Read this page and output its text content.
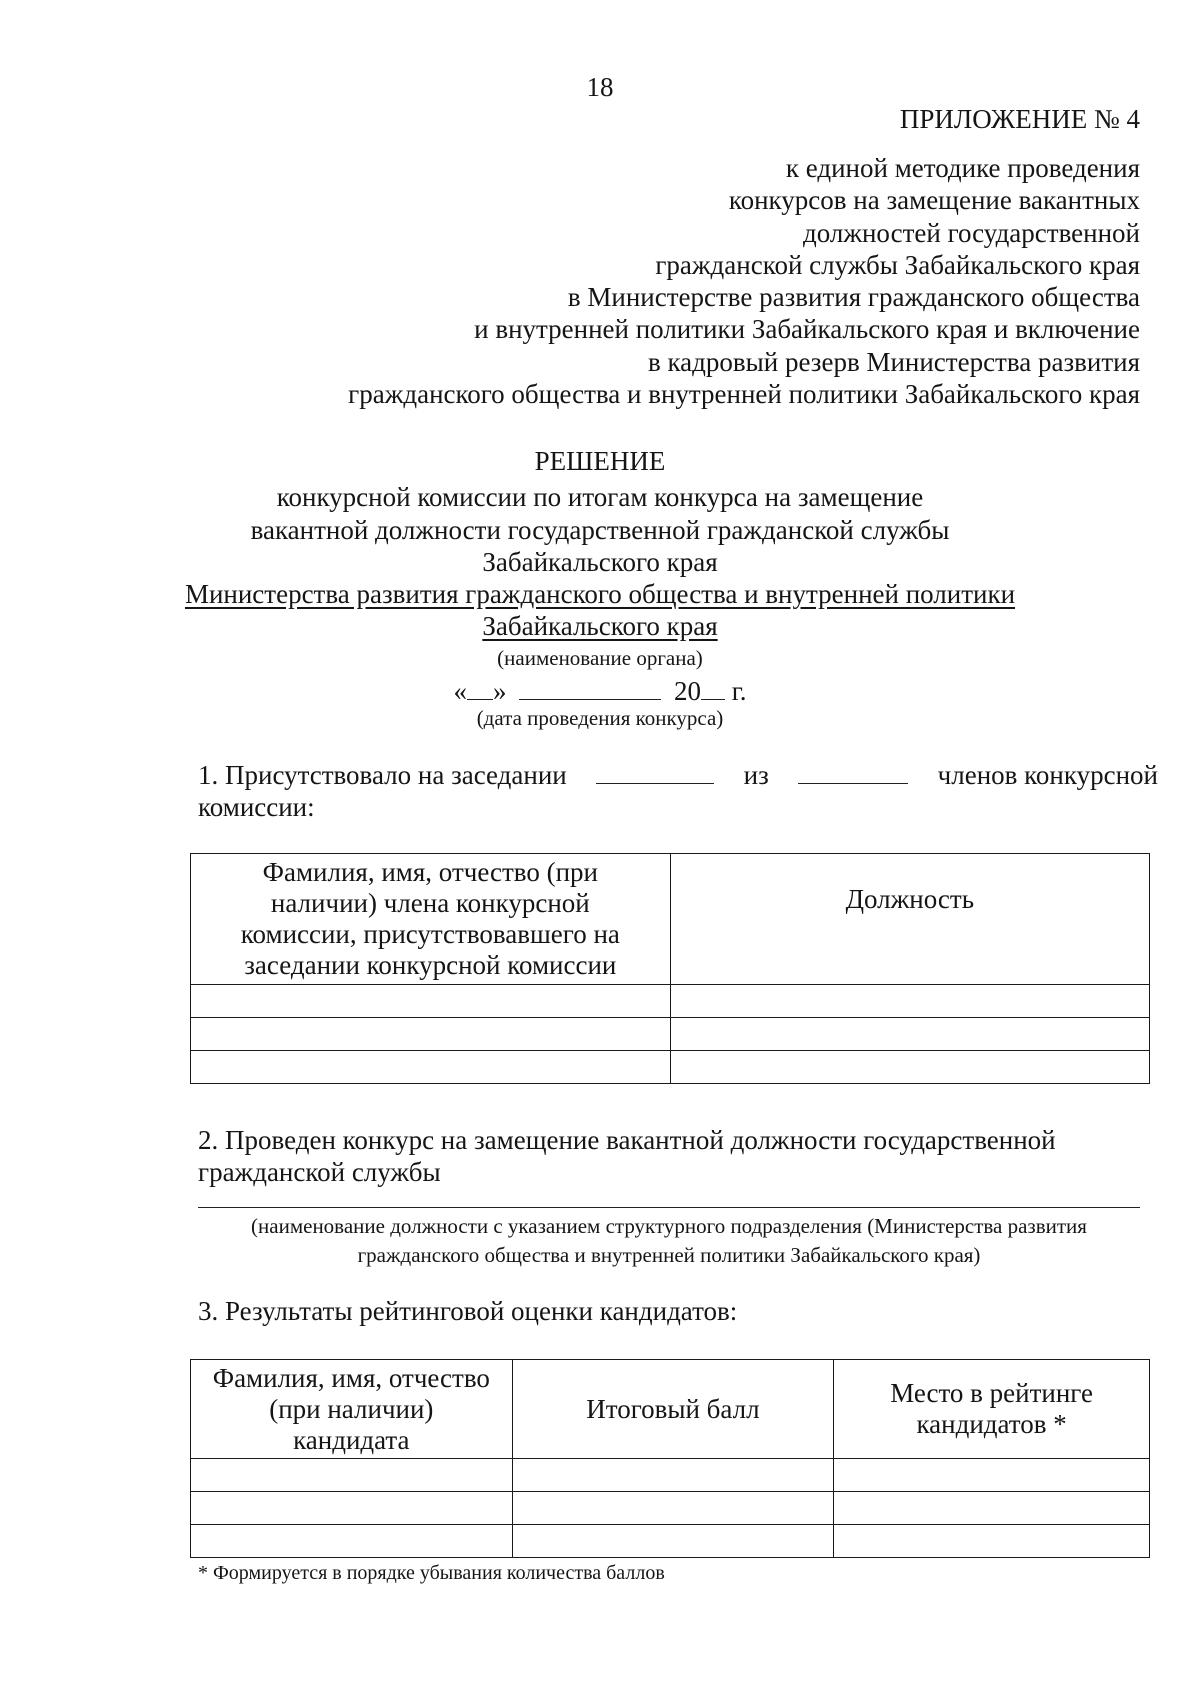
18
ПРИЛОЖЕНИЕ № 4
к единой методике проведения
конкурсов на замещение вакантных
должностей государственной
гражданской службы Забайкальского края
в Министерстве развития гражданского общества
и внутренней политики Забайкальского края и включение
в кадровый резерв Министерства развития
гражданского общества и внутренней политики Забайкальского края
РЕШЕНИЕ
конкурсной комиссии по итогам конкурса на замещение
вакантной должности государственной гражданской службы
Забайкальского края
Министерства развития гражданского общества и внутренней политики
Забайкальского края
(наименование органа)
« »	20 г.
(дата проведения конкурса)
1. Присутствовало на заседании	из	членов конкурсной
комиссии:
Фамилия, имя, отчество (при наличии) члена конкурсной комиссии, присутствовавшего на заседании конкурсной комиссии	Должность

2. Проведен конкурс на замещение вакантной должности государственной гражданской службы
(наименование должности с указанием структурного подразделения (Министерства развития гражданского общества и внутренней политики Забайкальского края)
3. Результаты рейтинговой оценки кандидатов:
Фамилия, имя, отчество (при наличии) кандидата	Итоговый балл	Место в рейтинге кандидатов *

* Формируется в порядке убывания количества баллов
